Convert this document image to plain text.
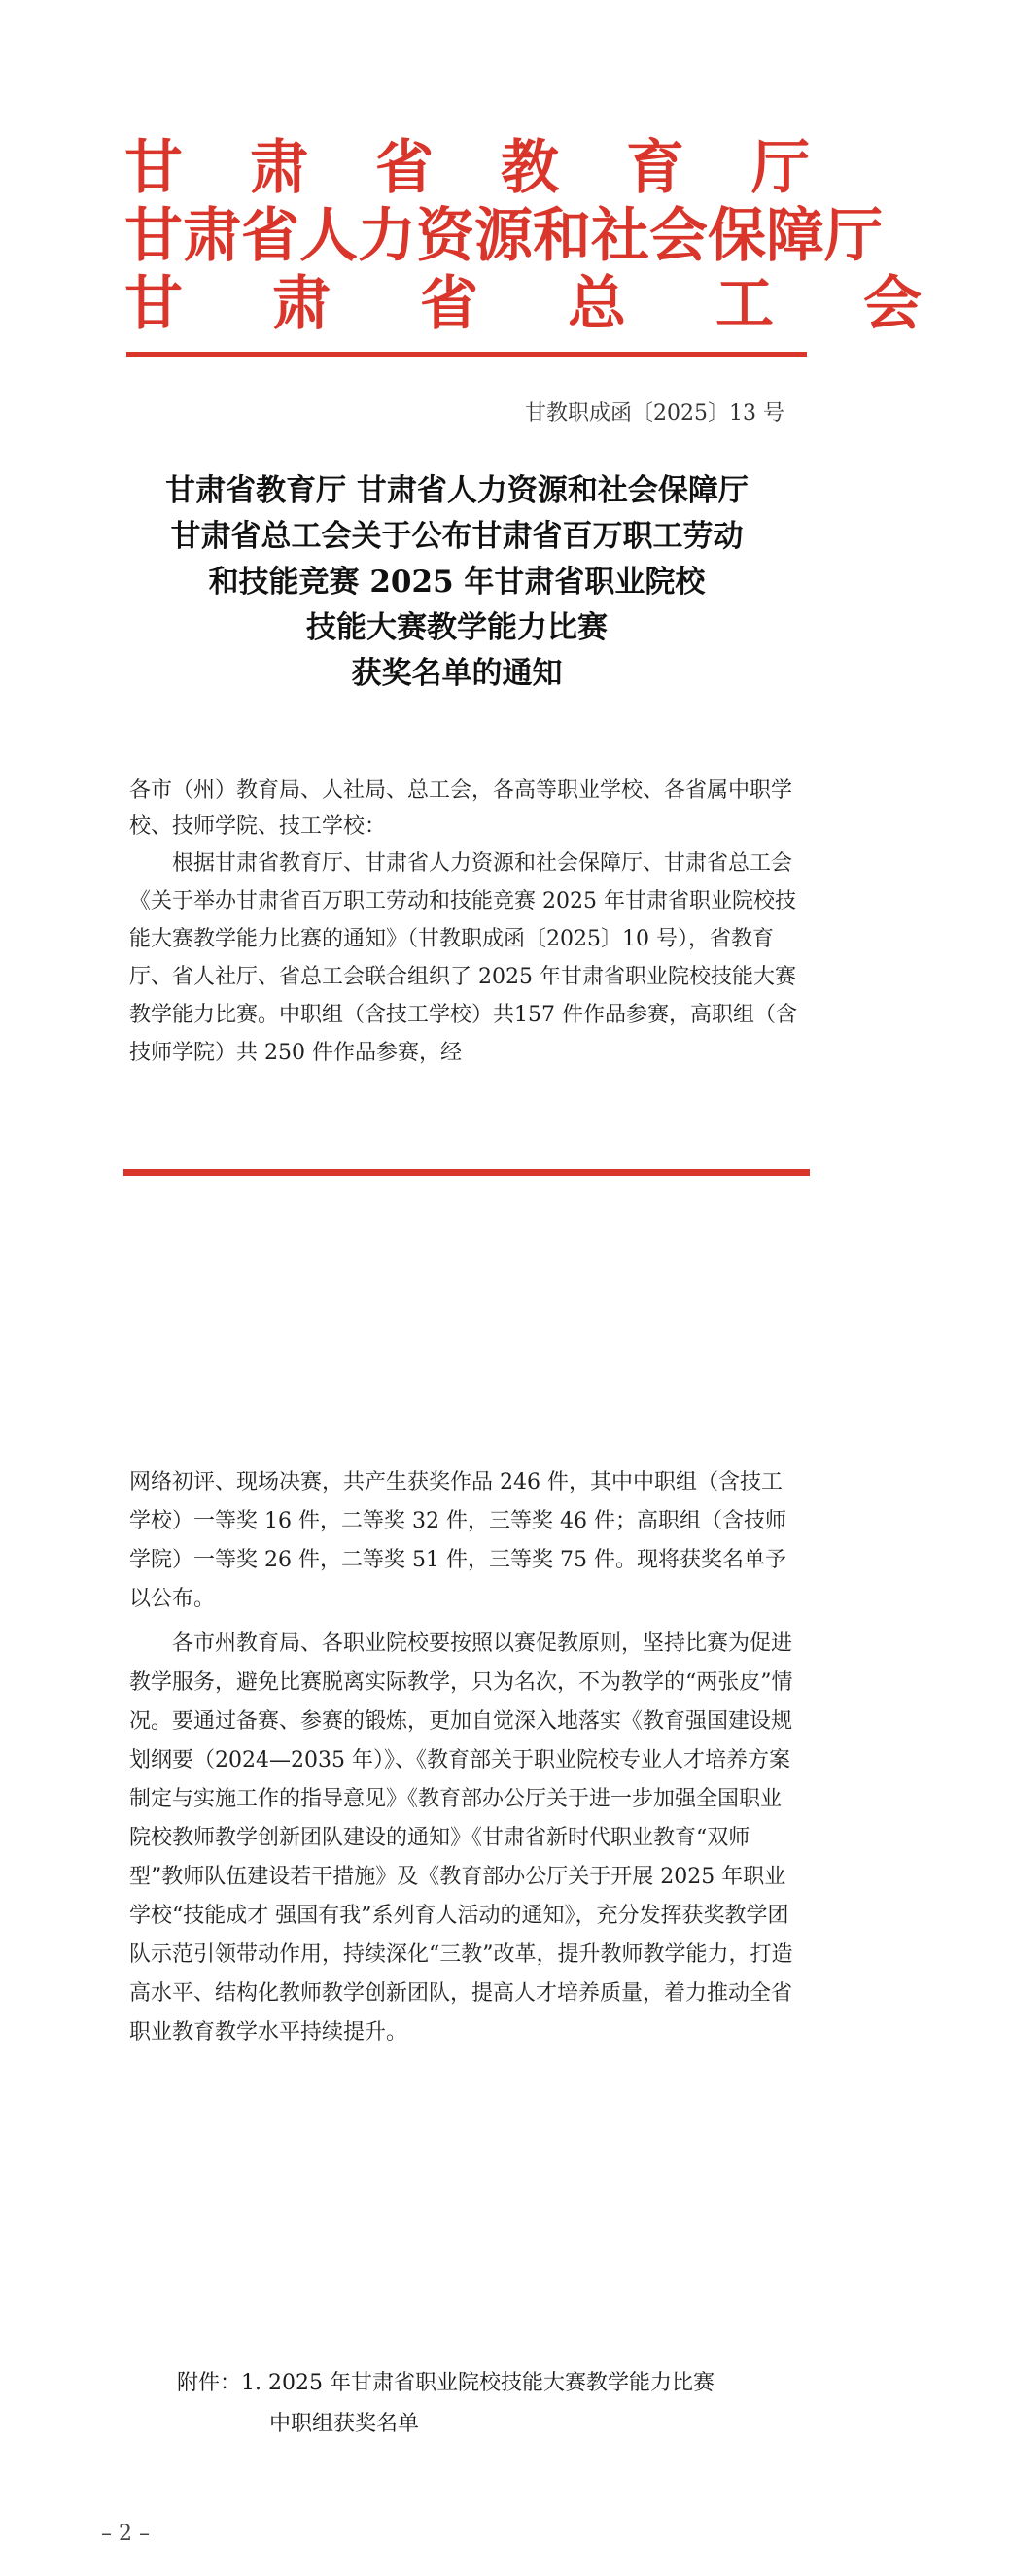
甘肃省教育厅
甘肃省人力资源和社会保障厅
甘肃省总工会
甘教职成函〔2025〕13 号
甘肃省教育厅 甘肃省人力资源和社会保障厅
甘肃省总工会关于公布甘肃省百万职工劳动
和技能竞赛 2025 年甘肃省职业院校
技能大赛教学能力比赛
获奖名单的通知

各市（州）教育局、人社局、总工会，各高等职业学校、各省属中职学校、技师学院、技工学校：

根据甘肃省教育厅、甘肃省人力资源和社会保障厅、甘肃省总工会《关于举办甘肃省百万职工劳动和技能竞赛 2025 年甘肃省职业院校技能大赛教学能力比赛的通知》（甘教职成函〔2025〕10 号），省教育厅、省人社厅、省总工会联合组织了 2025 年甘肃省职业院校技能大赛教学能力比赛。中职组（含技工学校）共157 件作品参赛，高职组（含技师学院）共 250 件作品参赛，经

网络初评、现场决赛，共产生获奖作品 246 件，其中中职组（含技工学校）一等奖 16 件，二等奖 32 件，三等奖 46 件；高职组（含技师学院）一等奖 26 件，二等奖 51 件，三等奖 75 件。现将获奖名单予以公布。

各市州教育局、各职业院校要按照以赛促教原则，坚持比赛为促进教学服务，避免比赛脱离实际教学，只为名次，不为教学的“两张皮”情况。要通过备赛、参赛的锻炼，更加自觉深入地落实《教育强国建设规划纲要（2024—2035 年）》、《教育部关于职业院校专业人才培养方案制定与实施工作的指导意见》《教育部办公厅关于进一步加强全国职业院校教师教学创新团队建设的通知》《甘肃省新时代职业教育“双师型”教师队伍建设若干措施》及《教育部办公厅关于开展 2025 年职业学校“技能成才 强国有我”系列育人活动的通知》，充分发挥获奖教学团队示范引领带动作用，持续深化“三教”改革，提升教师教学能力，打造高水平、结构化教师教学创新团队，提高人才培养质量，着力推动全省职业教育教学水平持续提升。

附件：1. 2025 年甘肃省职业院校技能大赛教学能力比赛
中职组获奖名单
– 2 –
